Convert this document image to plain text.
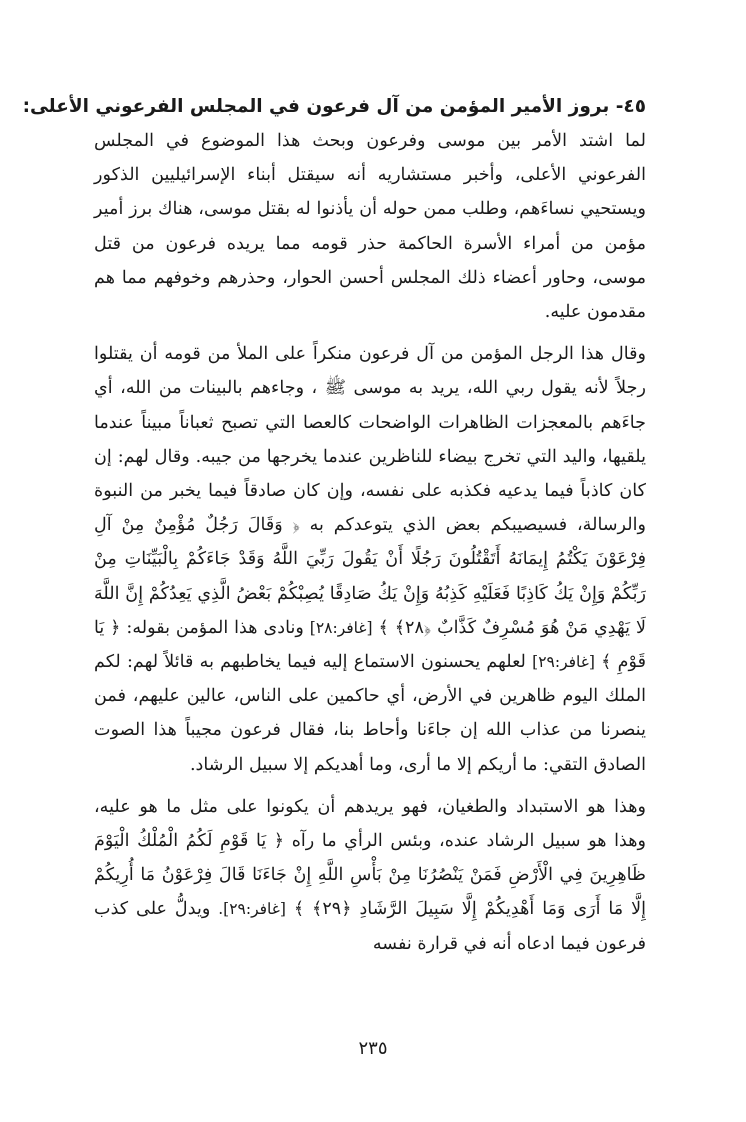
٤٥- بروز الأمير المؤمن من آل فرعون في المجلس الفرعوني الأعلى:

لما اشتد الأمر بين موسى وفرعون وبحث هذا الموضوع في المجلس الفرعوني الأعلى، وأخبر مستشاريه أنه سيقتل أبناء الإسرائيليين الذكور ويستحيي نساءَهم، وطلب ممن حوله أن يأذنوا له بقتل موسى، هناك برز أمير مؤمن من أمراء الأسرة الحاكمة حذر قومه مما يريده فرعون من قتل موسى، وحاور أعضاء ذلك المجلس أحسن الحوار، وحذرهم وخوفهم مما هم مقدمون عليه.

وقال هذا الرجل المؤمن من آل فرعون منكراً على الملأ من قومه أن يقتلوا رجلاً لأنه يقول ربي الله، يريد به موسى ﷺ ، وجاءهم بالبينات من الله، أي جاءَهم بالمعجزات الظاهرات الواضحات كالعصا التي تصبح ثعباناً مبيناً عندما يلقيها، واليد التي تخرج بيضاء للناظرين عندما يخرجها من جيبه. وقال لهم: إن كان كاذباً فيما يدعيه فكذبه على نفسه، وإن كان صادقاً فيما يخبر من النبوة والرسالة، فسيصيبكم بعض الذي يتوعدكم به ﴿ وَقَالَ رَجُلٌ مُؤْمِنٌ مِنْ آلِ فِرْعَوْنَ يَكْتُمُ إِيمَانَهُ أَتَقْتُلُونَ رَجُلًا أَنْ يَقُولَ رَبِّيَ اللَّهُ وَقَدْ جَاءَكُمْ بِالْبَيِّنَاتِ مِنْ رَبِّكُمْ وَإِنْ يَكُ كَاذِبًا فَعَلَيْهِ كَذِبُهُ وَإِنْ يَكُ صَادِقًا يُصِبْكُمْ بَعْضُ الَّذِي يَعِدُكُمْ إِنَّ اللَّهَ لَا يَهْدِي مَنْ هُوَ مُسْرِفٌ كَذَّابٌ ﴿٢٨﴾ ﴾ [غافر:٢٨] ونادى هذا المؤمن بقوله: ﴿ يَا قَوْمِ ﴾ [غافر:٢٩] لعلهم يحسنون الاستماع إليه فيما يخاطبهم به قائلاً لهم: لكم الملك اليوم ظاهرين في الأرض، أي حاكمين على الناس، عالين عليهم، فمن ينصرنا من عذاب الله إن جاءَنا وأحاط بنا، فقال فرعون مجيباً هذا الصوت الصادق التقي: ما أريكم إلا ما أرى، وما أهديكم إلا سبيل الرشاد.

وهذا هو الاستبداد والطغيان، فهو يريدهم أن يكونوا على مثل ما هو عليه، وهذا هو سبيل الرشاد عنده، وبئس الرأي ما رآه ﴿ يَا قَوْمِ لَكُمُ الْمُلْكُ الْيَوْمَ ظَاهِرِينَ فِي الْأَرْضِ فَمَنْ يَنْصُرُنَا مِنْ بَأْسِ اللَّهِ إِنْ جَاءَنَا قَالَ فِرْعَوْنُ مَا أُرِيكُمْ إِلَّا مَا أَرَى وَمَا أَهْدِيكُمْ إِلَّا سَبِيلَ الرَّشَادِ ﴿٢٩﴾ ﴾ [غافر:٢٩]. ويدلُّ على كذب فرعون فيما ادعاه أنه في قرارة نفسه

٢٣٥
